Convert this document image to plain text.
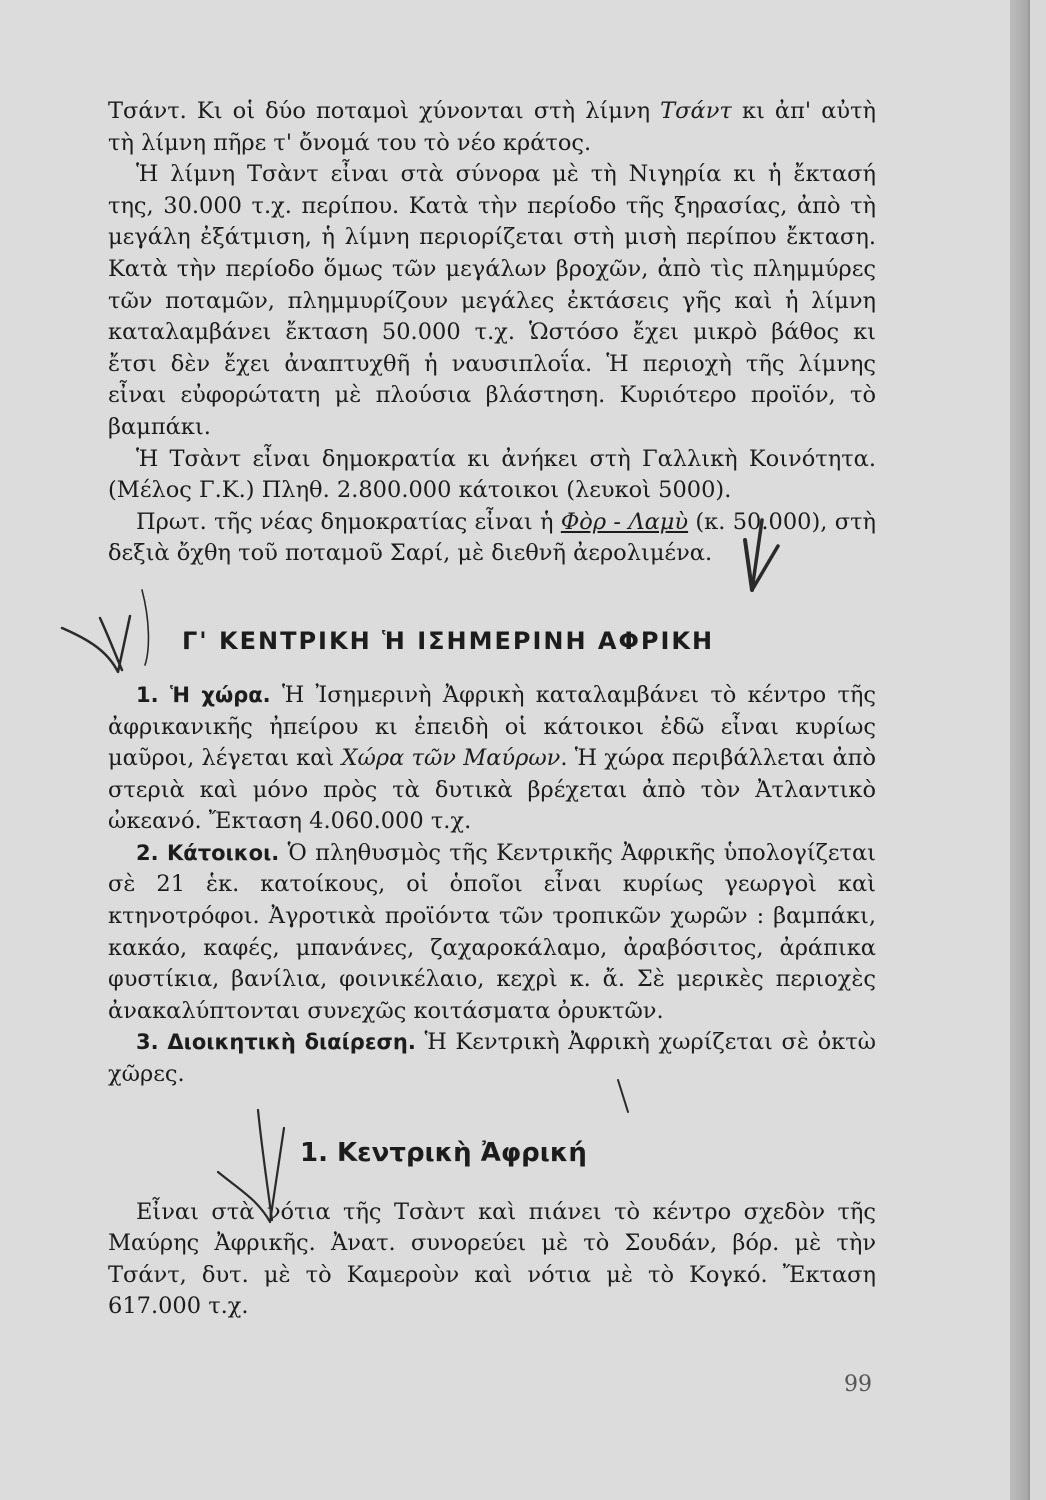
Τσάντ. Κι οἱ δύο ποταμοὶ χύνονται στὴ λίμνη Τσάντ κι ἀπ' αὐτὴ τὴ λίμνη πῆρε τ' ὄνομά του τὸ νέο κράτος.

Ἡ λίμνη Τσὰντ εἶναι στὰ σύνορα μὲ τὴ Νιγηρία κι ἡ ἔκτασή της, 30.000 τ.χ. περίπου. Κατὰ τὴν περίοδο τῆς ξηρασίας, ἀπὸ τὴ μεγάλη ἐξάτμιση, ἡ λίμνη περιορίζεται στὴ μισὴ περίπου ἔκταση. Κατὰ τὴν περίοδο ὅμως τῶν μεγάλων βροχῶν, ἀπὸ τὶς πλημμύρες τῶν ποταμῶν, πλημμυρίζουν μεγάλες ἐκτάσεις γῆς καὶ ἡ λίμνη καταλαμβάνει ἔκταση 50.000 τ.χ. Ὡστόσο ἔχει μικρὸ βάθος κι ἔτσι δὲν ἔχει ἀναπτυχθῆ ἡ ναυσιπλοΐα. Ἡ περιοχὴ τῆς λίμνης εἶναι εὐφορώτατη μὲ πλούσια βλάστηση. Κυριότερο προϊόν, τὸ βαμπάκι.

Ἡ Τσὰντ εἶναι δημοκρατία κι ἀνήκει στὴ Γαλλικὴ Κοινότητα. (Μέλος Γ.Κ.) Πληθ. 2.800.000 κάτοικοι (λευκοὶ 5000).

Πρωτ. τῆς νέας δημοκρατίας εἶναι ἡ Φὸρ - Λαμὺ (κ. 50.000), στὴ δεξιὰ ὄχθη τοῦ ποταμοῦ Σαρί, μὲ διεθνῆ ἀερολιμένα.

Γ' ΚΕΝΤΡΙΚΗ Ἡ ΙΣΗΜΕΡΙΝΗ ΑΦΡΙΚΗ

1. Ἡ χώρα. Ἡ Ἰσημερινὴ Ἀφρικὴ καταλαμβάνει τὸ κέντρο τῆς ἀφρικανικῆς ἠπείρου κι ἐπειδὴ οἱ κάτοικοι ἐδῶ εἶναι κυρίως μαῦροι, λέγεται καὶ Χώρα τῶν Μαύρων. Ἡ χώρα περιβάλλεται ἀπὸ στεριὰ καὶ μόνο πρὸς τὰ δυτικὰ βρέχεται ἀπὸ τὸν Ἀτλαντικὸ ὠκεανό. Ἔκταση 4.060.000 τ.χ.

2. Κάτοικοι. Ὁ πληθυσμὸς τῆς Κεντρικῆς Ἀφρικῆς ὑπολογίζεται σὲ 21 ἑκ. κατοίκους, οἱ ὁποῖοι εἶναι κυρίως γεωργοὶ καὶ κτηνοτρόφοι. Ἀγροτικὰ προϊόντα τῶν τροπικῶν χωρῶν : βαμπάκι, κακάο, καφές, μπανάνες, ζαχαροκάλαμο, ἀραβόσιτος, ἀράπικα φυστίκια, βανίλια, φοινικέλαιο, κεχρὶ κ. ἄ. Σὲ μερικὲς περιοχὲς ἀνακαλύπτονται συνεχῶς κοιτάσματα ὀρυκτῶν.

3. Διοικητικὴ διαίρεση. Ἡ Κεντρικὴ Ἀφρικὴ χωρίζεται σὲ ὀκτὼ χῶρες.

1. Κεντρικὴ Ἀφρική

Εἶναι στὰ νότια τῆς Τσὰντ καὶ πιάνει τὸ κέντρο σχεδὸν τῆς Μαύρης Ἀφρικῆς. Ἀνατ. συνορεύει μὲ τὸ Σουδάν, βόρ. μὲ τὴν Τσάντ, δυτ. μὲ τὸ Καμεροὺν καὶ νότια μὲ τὸ Κογκό. Ἔκταση 617.000 τ.χ.

99
